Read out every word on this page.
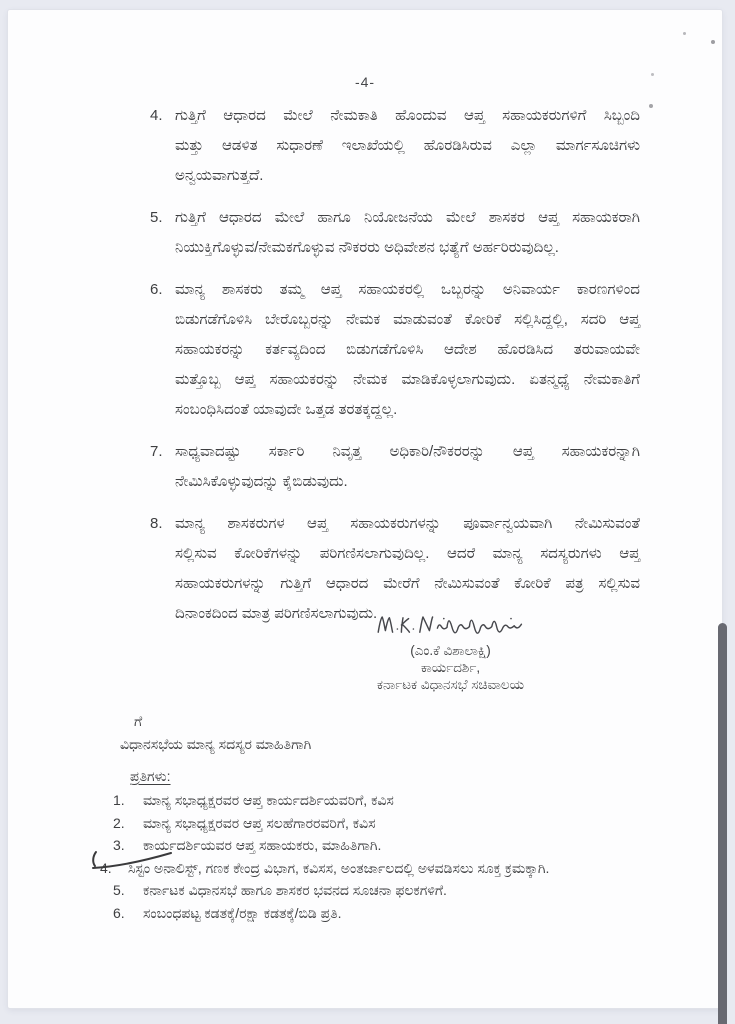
-4-
4. ಗುತ್ತಿಗೆ ಆಧಾರದ ಮೇಲೆ ನೇಮಕಾತಿ ಹೊಂದುವ ಆಪ್ತ ಸಹಾಯಕರುಗಳಿಗೆ ಸಿಬ್ಬಂದಿ
ಮತ್ತು ಆಡಳಿತ ಸುಧಾರಣೆ ಇಲಾಖೆಯಲ್ಲಿ ಹೊರಡಿಸಿರುವ ಎಲ್ಲಾ ಮಾರ್ಗಸೂಚಿಗಳು
ಅನ್ವಯವಾಗುತ್ತದೆ.
5. ಗುತ್ತಿಗೆ ಆಧಾರದ ಮೇಲೆ ಹಾಗೂ ನಿಯೋಜನೆಯ ಮೇಲೆ ಶಾಸಕರ ಆಪ್ತ ಸಹಾಯಕರಾಗಿ
ನಿಯುಕ್ತಿಗೊಳ್ಳುವ/ನೇಮಕಗೊಳ್ಳುವ ನೌಕರರು ಅಧಿವೇಶನ ಭತ್ಯೆಗೆ ಅರ್ಹರಿರುವುದಿಲ್ಲ.
6. ಮಾನ್ಯ ಶಾಸಕರು ತಮ್ಮ ಆಪ್ತ ಸಹಾಯಕರಲ್ಲಿ ಒಬ್ಬರನ್ನು ಅನಿವಾರ್ಯ ಕಾರಣಗಳಿಂದ
ಬಿಡುಗಡೆಗೊಳಿಸಿ ಬೇರೊಬ್ಬರನ್ನು ನೇಮಕ ಮಾಡುವಂತೆ ಕೋರಿಕೆ ಸಲ್ಲಿಸಿದ್ದಲ್ಲಿ, ಸದರಿ ಆಪ್ತ
ಸಹಾಯಕರನ್ನು ಕರ್ತವ್ಯದಿಂದ ಬಿಡುಗಡೆಗೊಳಿಸಿ ಆದೇಶ ಹೊರಡಿಸಿದ ತರುವಾಯವೇ
ಮತ್ತೊಬ್ಬ ಆಪ್ತ ಸಹಾಯಕರನ್ನು ನೇಮಕ ಮಾಡಿಕೊಳ್ಳಲಾಗುವುದು. ಏತನ್ಮಧ್ಯೆ ನೇಮಕಾತಿಗೆ
ಸಂಬಂಧಿಸಿದಂತೆ ಯಾವುದೇ ಒತ್ತಡ ತರತಕ್ಕದ್ದಲ್ಲ.
7. ಸಾಧ್ಯವಾದಷ್ಟು ಸರ್ಕಾರಿ ನಿವೃತ್ತ ಅಧಿಕಾರಿ/ನೌಕರರನ್ನು ಆಪ್ತ ಸಹಾಯಕರನ್ನಾಗಿ
ನೇಮಿಸಿಕೊಳ್ಳುವುದನ್ನು ಕೈಬಿಡುವುದು.
8. ಮಾನ್ಯ ಶಾಸಕರುಗಳ ಆಪ್ತ ಸಹಾಯಕರುಗಳನ್ನು ಪೂರ್ವಾನ್ವಯವಾಗಿ ನೇಮಿಸುವಂತೆ
ಸಲ್ಲಿಸುವ ಕೋರಿಕೆಗಳನ್ನು ಪರಿಗಣಿಸಲಾಗುವುದಿಲ್ಲ. ಆದರೆ ಮಾನ್ಯ ಸದಸ್ಯರುಗಳು ಆಪ್ತ
ಸಹಾಯಕರುಗಳನ್ನು ಗುತ್ತಿಗೆ ಆಧಾರದ ಮೇರೆಗೆ ನೇಮಿಸುವಂತೆ ಕೋರಿಕೆ ಪತ್ರ ಸಲ್ಲಿಸುವ
ದಿನಾಂಕದಿಂದ ಮಾತ್ರ ಪರಿಗಣಿಸಲಾಗುವುದು.
(ಎಂ.ಕೆ ವಿಶಾಲಾಕ್ಷಿ)
ಕಾರ್ಯದರ್ಶಿ,
ಕರ್ನಾಟಕ ವಿಧಾನಸಭೆ ಸಚಿವಾಲಯ
ಗೆ
ವಿಧಾನಸಭೆಯ ಮಾನ್ಯ ಸದಸ್ಯರ ಮಾಹಿತಿಗಾಗಿ
ಪ್ರತಿಗಳು:
1.	ಮಾನ್ಯ ಸಭಾಧ್ಯಕ್ಷರವರ ಆಪ್ತ ಕಾರ್ಯದರ್ಶಿಯವರಿಗೆ, ಕವಿಸ
2.	ಮಾನ್ಯ ಸಭಾಧ್ಯಕ್ಷರವರ ಆಪ್ತ ಸಲಹೆಗಾರರವರಿಗೆ, ಕವಿಸ
3.	ಕಾರ್ಯದರ್ಶಿಯವರ ಆಪ್ತ ಸಹಾಯಕರು, ಮಾಹಿತಿಗಾಗಿ.
4.	ಸಿಸ್ಟಂ ಅನಾಲಿಸ್ಟ್, ಗಣಕ ಕೇಂದ್ರ ವಿಭಾಗ, ಕವಿಸಸ, ಅಂತರ್ಜಾಲದಲ್ಲಿ ಅಳವಡಿಸಲು ಸೂಕ್ತ ಕ್ರಮಕ್ಕಾಗಿ.
5.	ಕರ್ನಾಟಕ ವಿಧಾನಸಭೆ ಹಾಗೂ ಶಾಸಕರ ಭವನದ ಸೂಚನಾ ಫಲಕಗಳಿಗೆ.
6.	ಸಂಬಂಧಪಟ್ಟ ಕಡತಕ್ಕೆ/ರಕ್ಷಾ ಕಡತಕ್ಕೆ/ಬಿಡಿ ಪ್ರತಿ.
